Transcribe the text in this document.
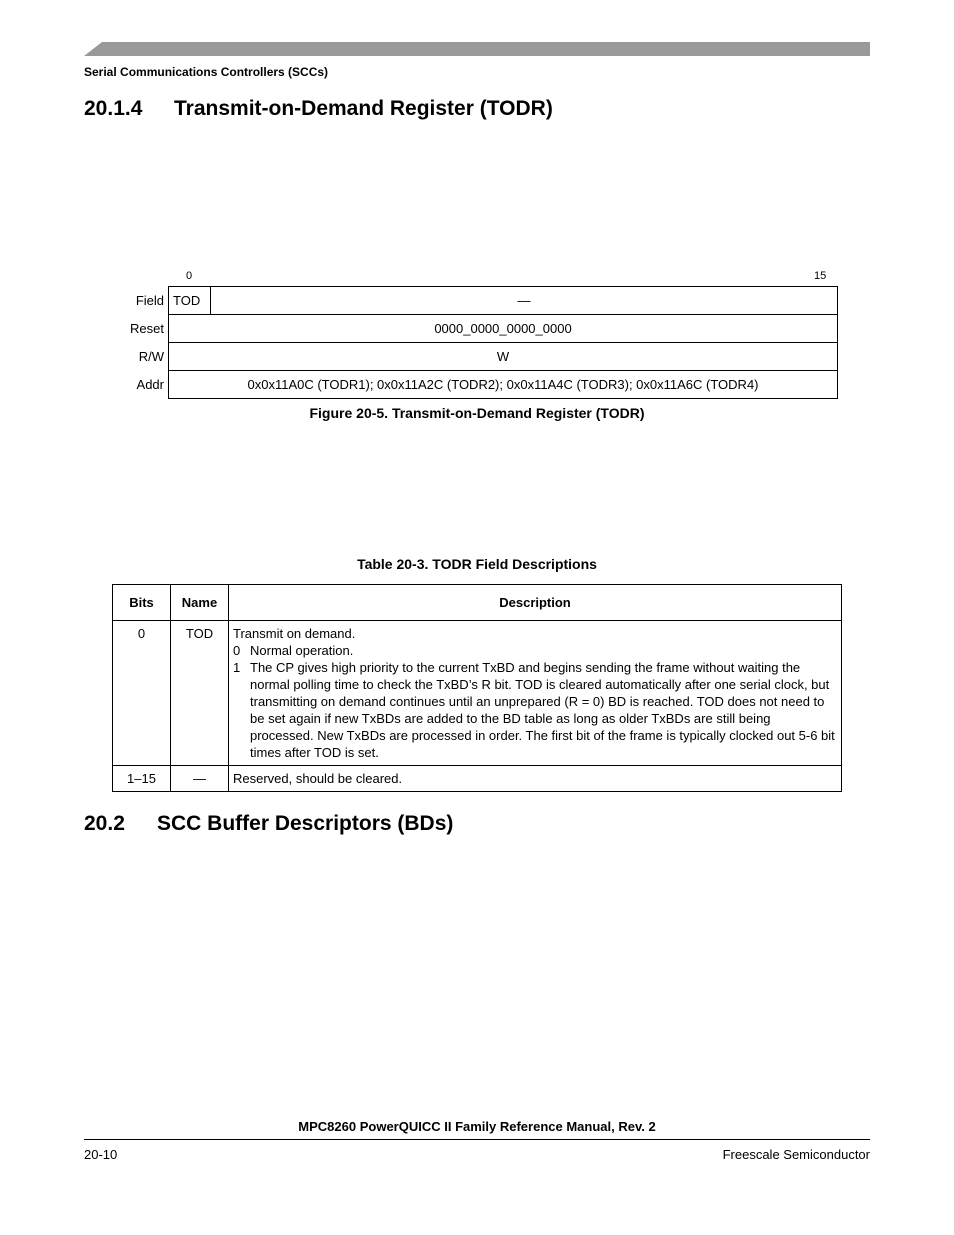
Serial Communications Controllers (SCCs)
20.1.4 Transmit-on-Demand Register (TODR)
0	15
Field	TOD	—
Reset	0000_0000_0000_0000	
R/W	W	
Addr	0x0x11A0C (TODR1); 0x0x11A2C (TODR2); 0x0x11A4C (TODR3); 0x0x11A6C (TODR4)	
Figure 20-5. Transmit-on-Demand Register (TODR)
Table 20-3. TODR Field Descriptions
Bits	Name	Description
0	TOD	Transmit on demand.
0 Normal operation.
1 The CP gives high priority to the current TxBD and begins sending the frame without waiting the normal polling time to check the TxBD’s R bit. TOD is cleared automatically after one serial clock, but transmitting on demand continues until an unprepared (R = 0) BD is reached. TOD does not need to be set again if new TxBDs are added to the BD table as long as older TxBDs are still being processed. New TxBDs are processed in order. The first bit of the frame is typically clocked out 5-6 bit times after TOD is set.

1–15	—	Reserved, should be cleared.
20.2 SCC Buffer Descriptors (BDs)
MPC8260 PowerQUICC II Family Reference Manual, Rev. 2
20-10	Freescale Semiconductor
